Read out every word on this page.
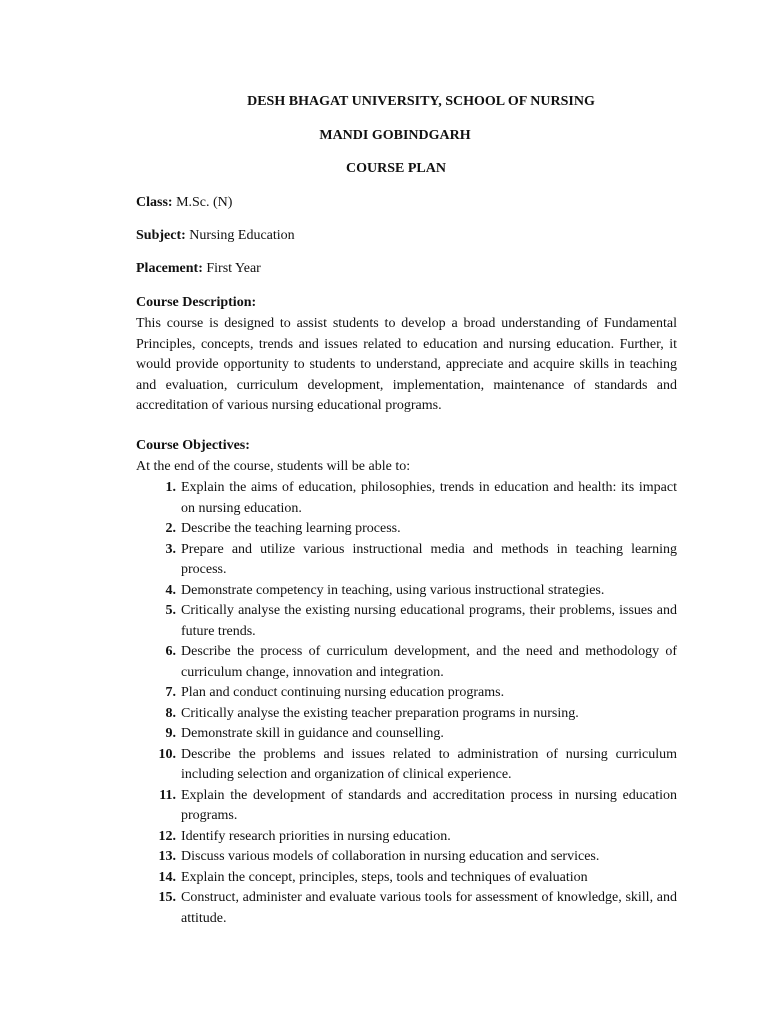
DESH BHAGAT UNIVERSITY, SCHOOL OF NURSING
MANDI GOBINDGARH
COURSE PLAN
Class: M.Sc. (N)
Subject: Nursing Education
Placement: First Year
Course Description:
This course is designed to assist students to develop a broad understanding of Fundamental Principles, concepts, trends and issues related to education and nursing education. Further, it would provide opportunity to students to understand, appreciate and acquire skills in teaching and evaluation, curriculum development, implementation, maintenance of standards and accreditation of various nursing educational programs.
Course Objectives:
At the end of the course, students will be able to:
1. Explain the aims of education, philosophies, trends in education and health: its impact on nursing education.
2. Describe the teaching learning process.
3. Prepare and utilize various instructional media and methods in teaching learning process.
4. Demonstrate competency in teaching, using various instructional strategies.
5. Critically analyse the existing nursing educational programs, their problems, issues and future trends.
6. Describe the process of curriculum development, and the need and methodology of curriculum change, innovation and integration.
7. Plan and conduct continuing nursing education programs.
8. Critically analyse the existing teacher preparation programs in nursing.
9. Demonstrate skill in guidance and counselling.
10. Describe the problems and issues related to administration of nursing curriculum including selection and organization of clinical experience.
11. Explain the development of standards and accreditation process in nursing education programs.
12. Identify research priorities in nursing education.
13. Discuss various models of collaboration in nursing education and services.
14. Explain the concept, principles, steps, tools and techniques of evaluation
15. Construct, administer and evaluate various tools for assessment of knowledge, skill, and attitude.
